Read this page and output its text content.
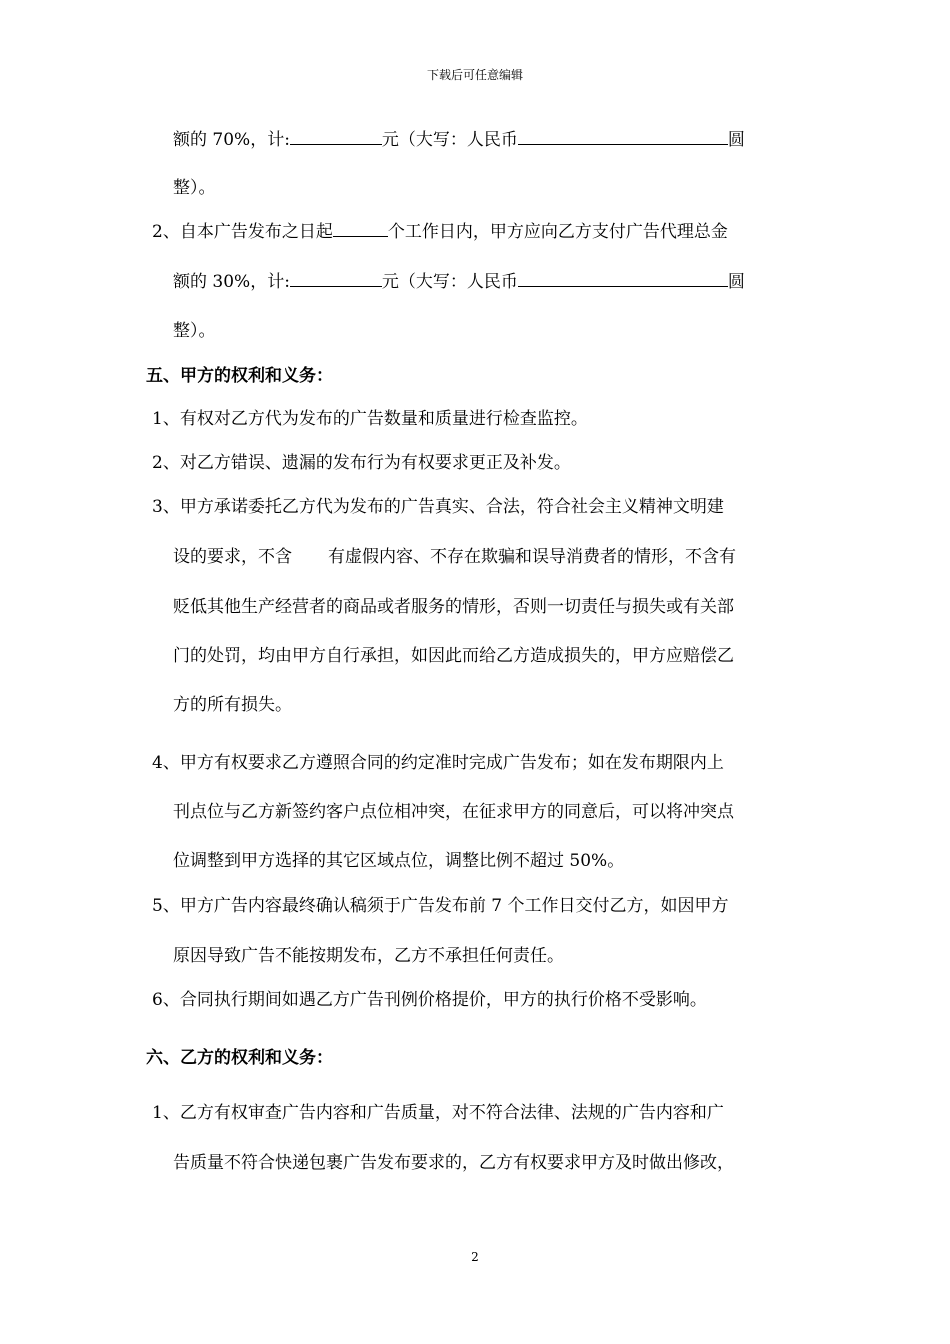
下载后可任意编辑
额的 70%，计:	元（大写：人民币	圆
整）。
2、自本广告发布之日起	个工作日内，甲方应向乙方支付广告代理总金
额的 30%，计:	元（大写：人民币	圆
整）。
五、甲方的权利和义务：
1、有权对乙方代为发布的广告数量和质量进行检查监控。
2、对乙方错误、遗漏的发布行为有权要求更正及补发。
3、甲方承诺委托乙方代为发布的广告真实、合法，符合社会主义精神文明建
设的要求，不含 有虚假内容、不存在欺骗和误导消费者的情形，不含有
贬低其他生产经营者的商品或者服务的情形，否则一切责任与损失或有关部
门的处罚，均由甲方自行承担，如因此而给乙方造成损失的，甲方应赔偿乙
方的所有损失。
4、甲方有权要求乙方遵照合同的约定准时完成广告发布；如在发布期限内上
刊点位与乙方新签约客户点位相冲突，在征求甲方的同意后，可以将冲突点
位调整到甲方选择的其它区域点位，调整比例不超过 50%。
5、甲方广告内容最终确认稿须于广告发布前 7 个工作日交付乙方，如因甲方
原因导致广告不能按期发布，乙方不承担任何责任。
6、合同执行期间如遇乙方广告刊例价格提价，甲方的执行价格不受影响。
六、乙方的权利和义务：
1、乙方有权审查广告内容和广告质量，对不符合法律、法规的广告内容和广
告质量不符合快递包裹广告发布要求的，乙方有权要求甲方及时做出修改，
2
